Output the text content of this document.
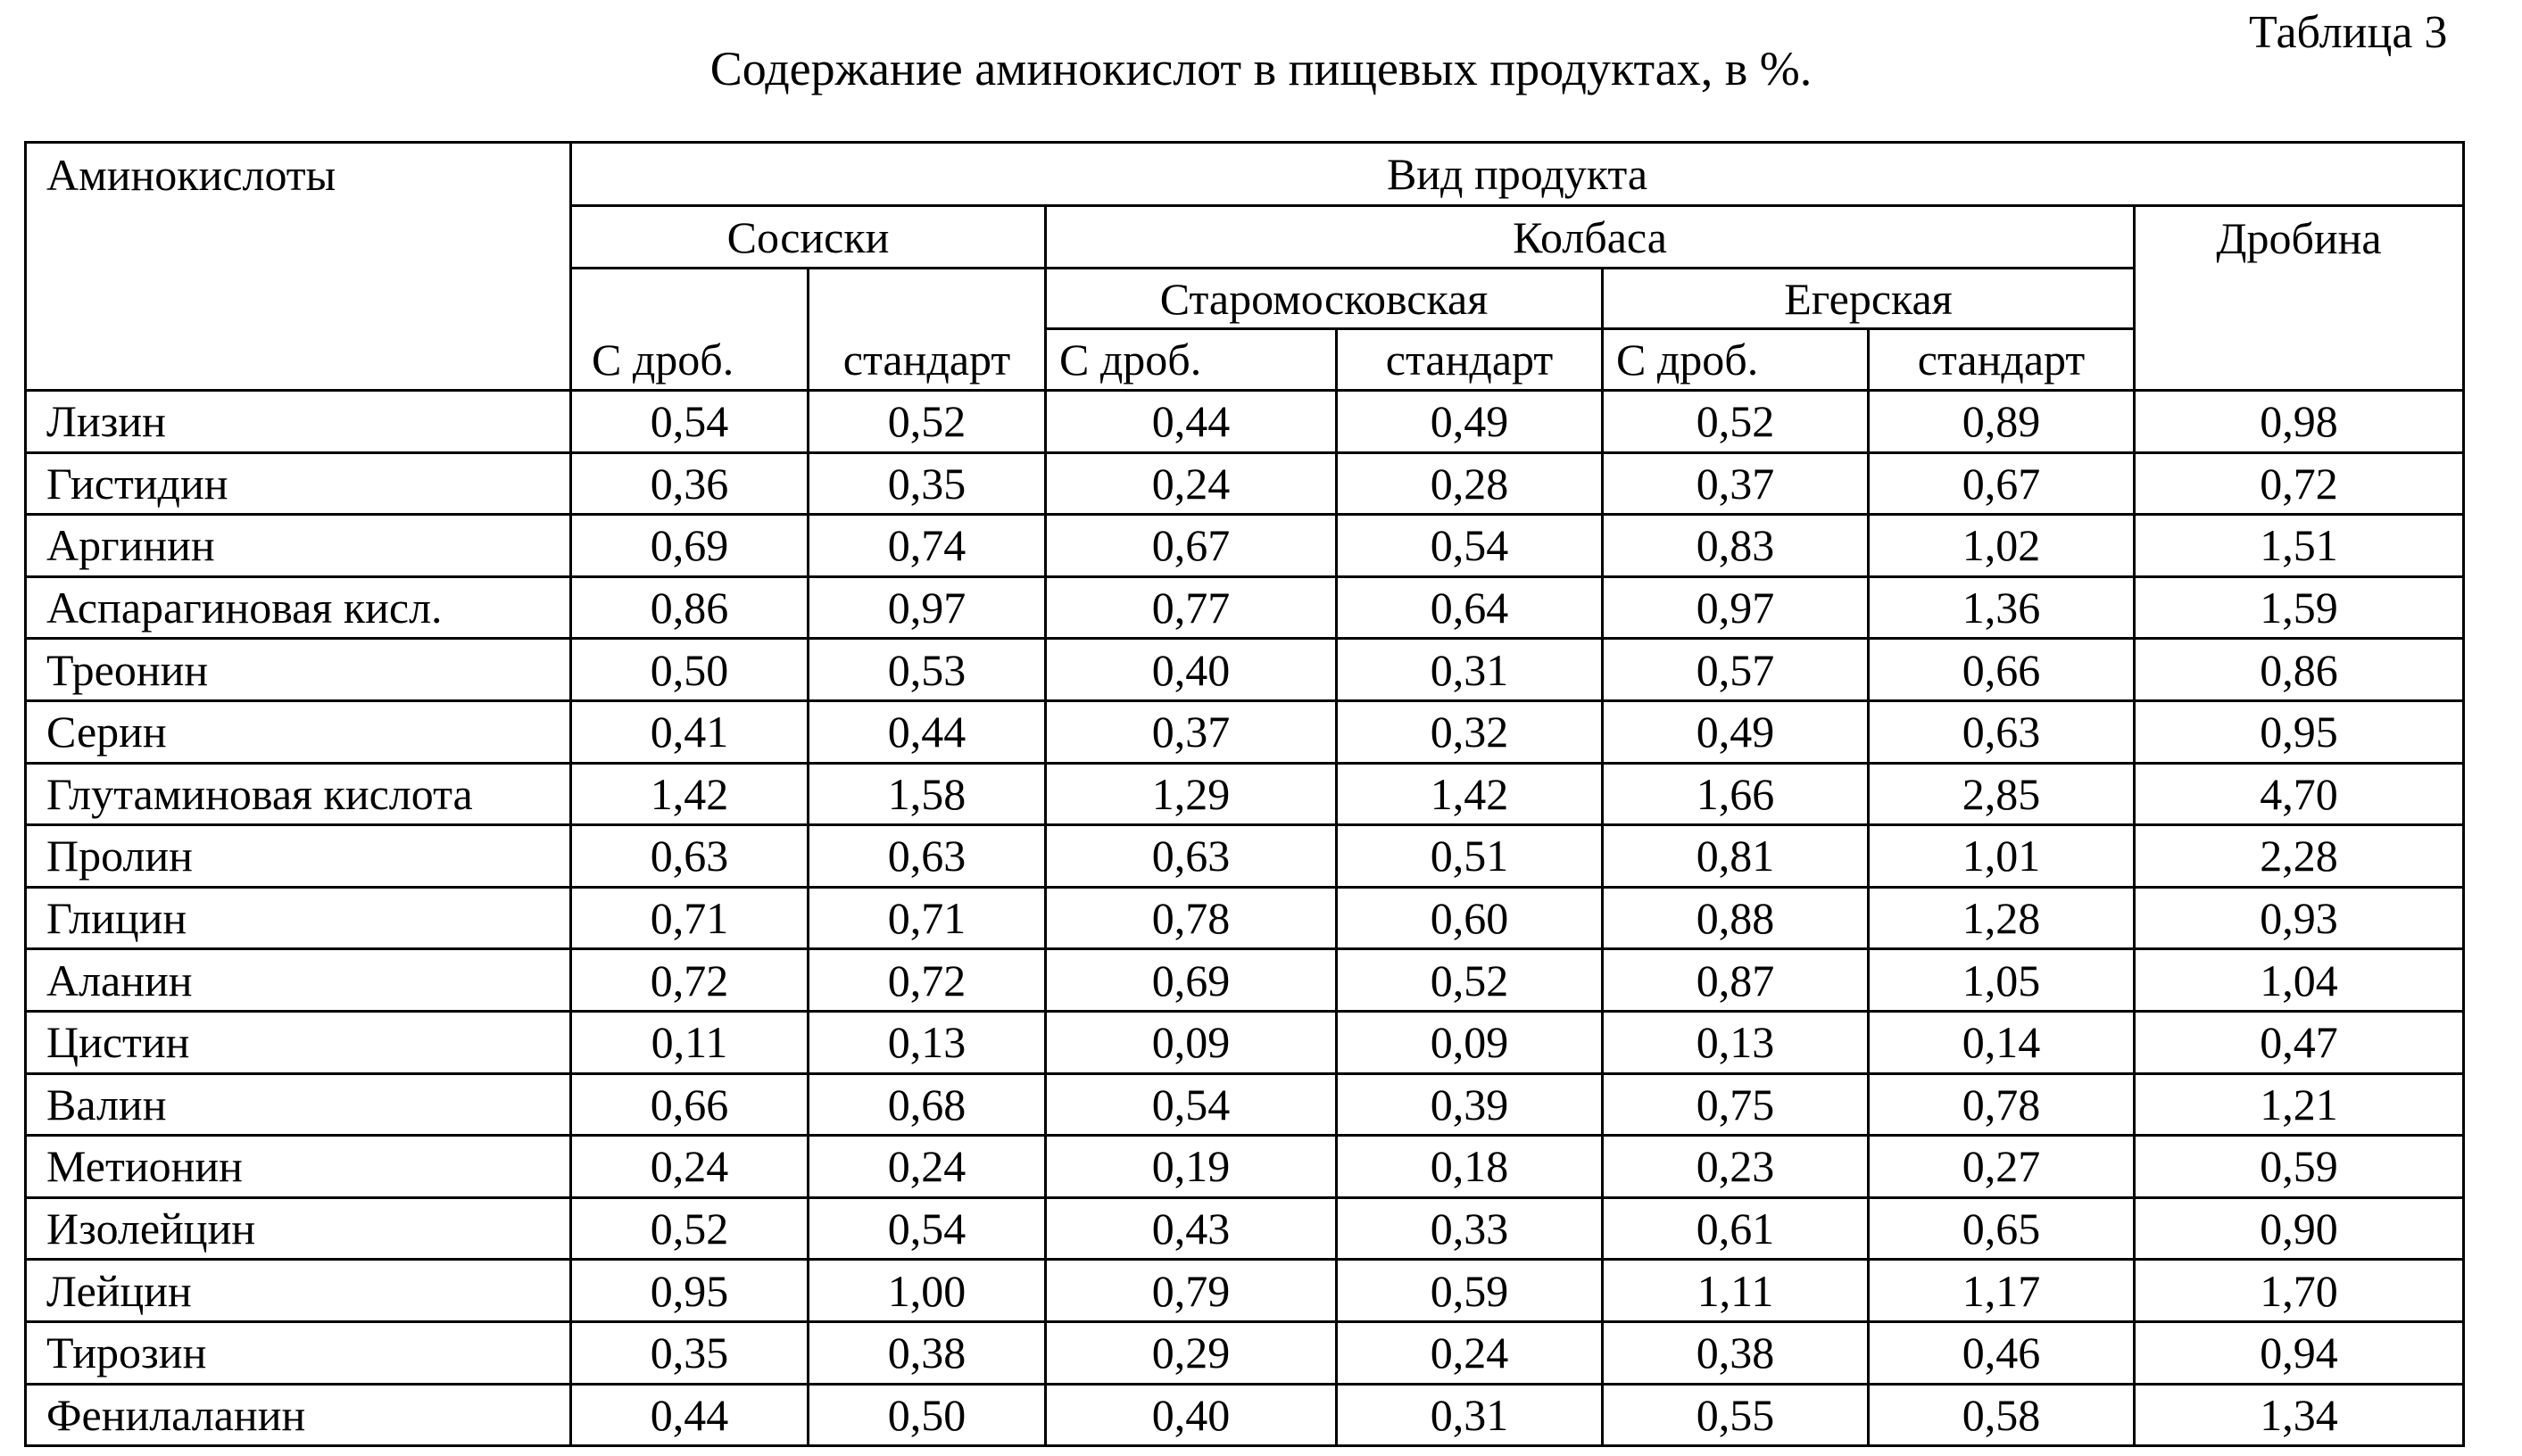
Таблица 3
Содержание аминокислот в пищевых продуктах, в %.
Аминокислоты	Вид продукта						
	Сосиски		Колбаса				Дробина
	С дроб.	стандарт	Старомосковская		Егерская		
			С дроб.	стандарт	С дроб.	стандарт	
Лизин	0,54	0,52	0,44	0,49	0,52	0,89	0,98
Гистидин	0,36	0,35	0,24	0,28	0,37	0,67	0,72
Аргинин	0,69	0,74	0,67	0,54	0,83	1,02	1,51
Аспарагиновая кисл.	0,86	0,97	0,77	0,64	0,97	1,36	1,59
Треонин	0,50	0,53	0,40	0,31	0,57	0,66	0,86
Серин	0,41	0,44	0,37	0,32	0,49	0,63	0,95
Глутаминовая кислота	1,42	1,58	1,29	1,42	1,66	2,85	4,70
Пролин	0,63	0,63	0,63	0,51	0,81	1,01	2,28
Глицин	0,71	0,71	0,78	0,60	0,88	1,28	0,93
Аланин	0,72	0,72	0,69	0,52	0,87	1,05	1,04
Цистин	0,11	0,13	0,09	0,09	0,13	0,14	0,47
Валин	0,66	0,68	0,54	0,39	0,75	0,78	1,21
Метионин	0,24	0,24	0,19	0,18	0,23	0,27	0,59
Изолейцин	0,52	0,54	0,43	0,33	0,61	0,65	0,90
Лейцин	0,95	1,00	0,79	0,59	1,11	1,17	1,70
Тирозин	0,35	0,38	0,29	0,24	0,38	0,46	0,94
Фенилаланин	0,44	0,50	0,40	0,31	0,55	0,58	1,34
